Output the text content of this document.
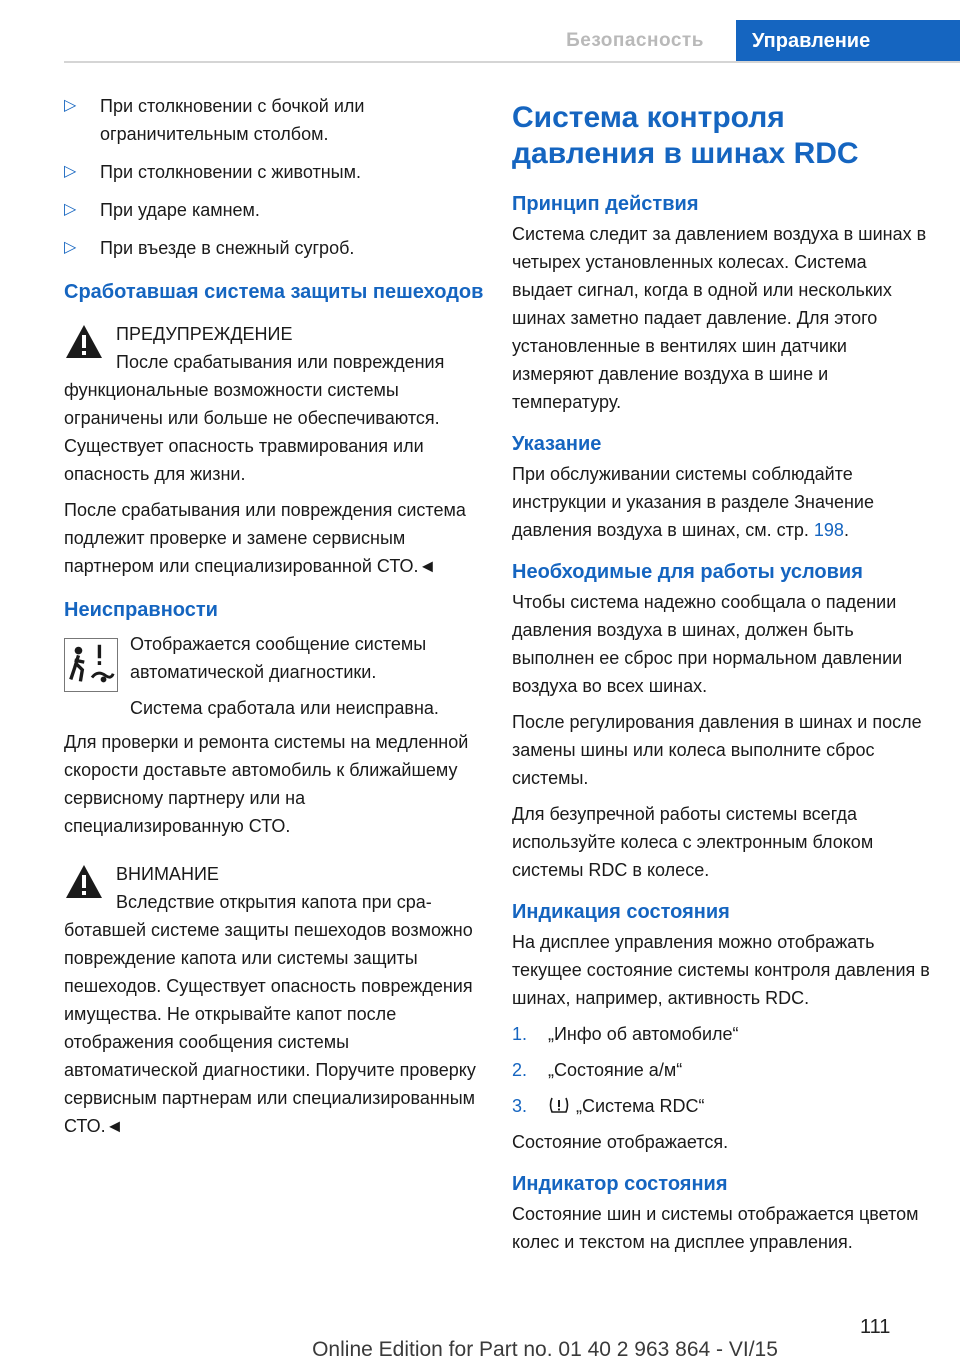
Безопасность	Управление
▷ При столкновении с бочкой или ограничительным столбом.
▷ При столкновении с животным.
▷ При ударе камнем.
▷ При въезде в снежный сугроб.
Сработавшая система защиты пешеходов
ПРЕДУПРЕЖДЕНИЕ
После срабатывания или повреждения
функциональные возможности системы ограничены или больше не обеспечиваются. Существует опасность травмирования или опасность для жизни.
После срабатывания или повреждения система подлежит проверке и замене сервисным партнером или специализированной СТО.◄
Неисправности
Отображается сообщение системы автоматической диагностики.
Система сработала или неисправна.
Для проверки и ремонта системы на медленной скорости доставьте автомобиль к ближайшему сервисному партнеру или на специализированную СТО.
ВНИМАНИЕ
Вследствие открытия капота при сра-
ботавшей системе защиты пешеходов возможно повреждение капота или системы защиты пешеходов. Существует опасность повреждения имущества. Не открывайте капот после отображения сообщения системы автоматической диагностики. Поручите проверку сервисным партнерам или специализированным СТО.◄
Система контроля давления в шинах RDC
Принцип действия
Система следит за давлением воздуха в шинах в четырех установленных колесах. Система выдает сигнал, когда в одной или нескольких шинах заметно падает давление. Для этого установленные в вентилях шин датчики измеряют давление воздуха в шине и температуру.
Указание
При обслуживании системы соблюдайте инструкции и указания в разделе Значение давления воздуха в шинах, см. стр. 198.
Необходимые для работы условия
Чтобы система надежно сообщала о падении давления воздуха в шинах, должен быть выполнен ее сброс при нормальном давлении воздуха во всех шинах.
После регулирования давления в шинах и после замены шины или колеса выполните сброс системы.
Для безупречной работы системы всегда используйте колеса с электронным блоком системы RDC в колесе.
Индикация состояния
На дисплее управления можно отображать текущее состояние системы контроля давления в шинах, например, активность RDC.
1. „Инфо об автомобиле“
2. „Состояние а/м“
3.	„Система RDC“
Состояние отображается.
Индикатор состояния
Состояние шин и системы отображается цветом колес и текстом на дисплее управления.
111
Online Edition for Part no. 01 40 2 963 864 - VI/15
